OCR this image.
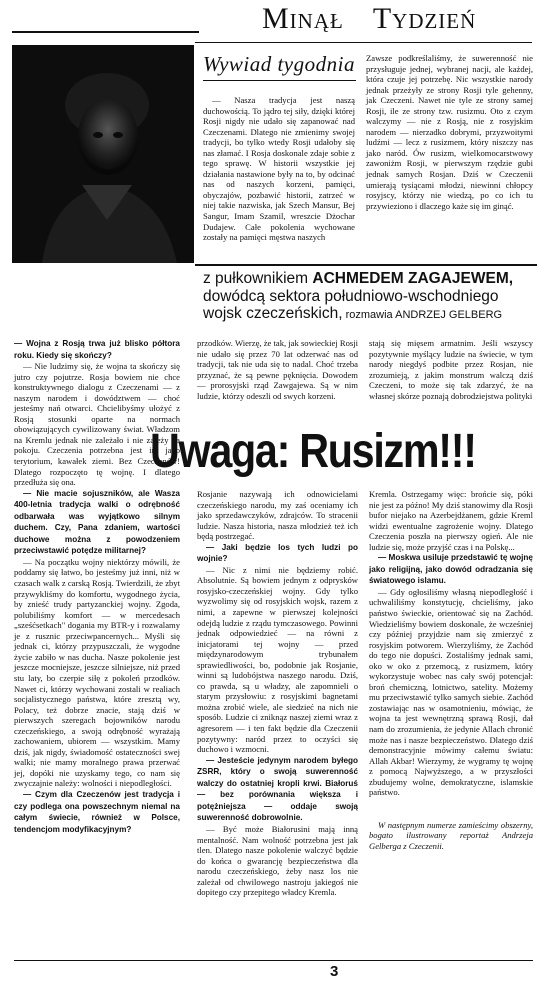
Minął Tydzień
Wywiad tygodnia

— Nasza tradycja jest naszą duchowością. To jądro tej siły, dzięki której Rosji nigdy nie udało się zapanować nad Czeczenami. Dlatego nie zmienimy swojej tradycji, bo tylko wtedy Rosji udałoby się nas złamać. I Rosja doskonale zdaje sobie z tego sprawę. W historii wszystkie jej działania nastawione były na to, by odcinać nas od naszych korzeni, pamięci, obyczajów, pozbawić historii, zatrzeć w niej takie nazwiska, jak Szech Mansur, Bej Sangur, Imam Szamil, wreszcie Dżochar Dudajew. Całe pokolenia wychowane zostały na pamięci męstwa naszych

Zawsze podkreślaliśmy, że suwerenność nie przysługuje jednej, wybranej nacji, ale każdej, która czuje jej potrzebę. Nic wszystkie narody jednak przeżyły ze strony Rosji tyle gehenny, jak Czeczeni. Nawet nie tyle ze strony samej Rosji, ile ze strony tzw. rusizmu. Oto z czym walczymy — nie z Rosją, nie z rosyjskim narodem — nierzadko dobrymi, przyzwoitymi ludźmi — lecz z rusizmem, który niszczy nas jako naród. Ów rusizm, wielkomocarstwowy zawoniżm Rosji, w pierwszym rzędzie gubi jednak samych Rosjan. Dziś w Czeczenii umierają tysiącami młodzi, niewinni chłopcy rosyjscy, którzy nie wiedzą, po co ich tu przywieziono i dlaczego każe się im ginąć.

z pułkownikiem ACHMEDEM ZAGAJEWEM,
dowódcą sektora południowo-wschodniego
wojsk czeczeńskich, rozmawia ANDRZEJ GELBERG

— Wojna z Rosją trwa już blisko półtora roku. Kiedy się skończy?

— Nie ludzimy się, że wojna ta skończy się jutro czy pojutrze. Rosja bowiem nie chce konstruktywnego dialogu z Czeczenami — z naszym narodem i dowództwem — choć jesteśmy nań otwarci. Chcielibyśmy ułożyć z Rosją stosunki oparte na normach obowiązujących cywilizowany świat. Władzom na Kremlu jednak nie zależało i nie zależy na pokoju. Czeczenia potrzebna jest im jako terytorium, kawałek ziemi. Bez Czeczenów! Dlatego rozpoczęto tę wojnę. I dlatego przedłuża się ona.

— Nie macie sojuszników, ale Wasza 400-letnia tradycja walki o odrębność odbarwała was wyjątkowo silnym duchem. Czy, Pana zdaniem, wartości duchowe można z powodzeniem przeciwstawić potędze militarnej?

— Na początku wojny niektórzy mówili, że poddamy się łatwo, bo jesteśmy już inni, niż w czasach walk z carską Rosją. Twierdzili, że zbyt przywykliśmy do komfortu, wygodnego życia, by znieść trudy partyzanckiej wojny. Zgoda, polubiliśmy komfort — w mercedesach „sześćsetkach" dogania my BTR-y i rozwalamy je z rusznic przeciwpancernych... Myśli się jednak ci, którzy przypuszczali, że wygodne życie zabiło w nas ducha. Nasze pokolenie jest jeszcze mocniejsze, jeszcze silniejsze, niż przed stu laty, bo czerpie siłę z pokoleń przodków. Nawet ci, którzy wychowani zostali w realiach socjalistycznego państwa, które zresztą wy, Polacy, też dobrze znacie, stają dziś w pierwszych szeregach bojowników narodu czeczeńskiego, a swoją odrębność wyrażają zachowaniem, ubiorem — wszystkim. Mamy dziś, jak nigdy, świadomość ostateczności swej walki; nie mamy moralnego prawa przerwać jej, dopóki nie uzyskamy tego, co nam się zwyczajnie należy: wolności i niepodległości.

— Czym dla Czeczenów jest tradycja i czy podlega ona powszechnym niemal na całym świecie, również w Polsce, tendencjom modyfikacyjnym?

przodków. Wierzę, że tak, jak sowieckiej Rosji nie udało się przez 70 lat odzerwać nas od tradycji, tak nie uda się to nadal. Choć trzeba przyznać, że są pewne pęknięcia. Dowodem — prorosyjski rząd Zawgajewa. Są w nim ludzie, którzy odeszli od swych korzeni.

stają się mięsem armatnim. Jeśli wszyscy pozytywnie myślący ludzie na świecie, w tym narody niegdyś podbite przez Rosjan, nie zrozumieją, z jakim monstrum walczą dziś Czeczeni, to może się tak zdarzyć, że na własnej skórze poznają dobrodziejstwa polityki

Uwaga: Rusizm!!!

Rosjanie nazywają ich odnowicielami czeczeńskiego narodu, my zaś oceniamy ich jako sprzedawczyków, zdrajców. To stracenii ludzie. Nasza historia, nasza młodzież też ich będą postrzegać.

— Jaki będzie los tych ludzi po wojnie?

— Nic z nimi nie będziemy robić. Absolutnie. Są bowiem jednym z odprysków rosyjsko-czeczeńskiej wojny. Gdy tylko wyzwolimy się od rosyjskich wojsk, razem z nimi, a zapewne w pierwszej kolejności odejdą ludzie z rządu tymczasowego. Powinni jednak odpowiedzieć — na równi z inicjatorami tej wojny — przed międzynarodowym trybunałem sprawiedliwości, bo, podobnie jak Rosjanie, winni są ludobójstwa naszego narodu. Dziś, co prawda, są u władzy, ale zapomnieli o starym przysłowiu: z rosyjskimi bagnetami można zrobić wiele, ale siedzieć na nich nie sposób. Ludzie ci zniknąz naszej ziemi wraz z agresorem — i ten fakt będzie dla Czeczenii pozytywny: naród przez to oczyści się duchowo i wzmocni.

— Jesteście jedynym narodem byłego ZSRR, który o swoją suwerenność walczy do ostatniej kropli krwi. Białoruś — bez porównania większa i potężniejsza — oddaje swoją suwerenność dobrowolnie.

— Być może Białorusini mają inną mentalność. Nam wolność potrzebna jest jak tlen. Dlatego nasze pokolenie walczyć będzie do końca o gwarancję bezpieczeństwa dla narodu czeczeńskiego, żeby nasz los nie zależał od chwilowego nastroju jakiegoś nie dopitego czy przepitego władcy Kremla.

Kremla. Ostrzegamy więc: brońcie się, póki nie jest za późno! My dziś stanowimy dla Rosji bufor niejako na Azerbejdżanem, gdzie Kreml widzi ewentualne zagrożenie wojny. Dlatego Czeczenia poszła na pierwszy ogień. Ale nie ludzie się, może przyjść czas i na Polskę...

— Moskwa usiluje przedstawić tę wojnę jako religijną, jako dowód odradzania się światowego islamu.

— Gdy ogłosiliśmy własną niepodległość i uchwaliliśmy konstytucję, chcieliśmy, jako państwo świeckie, orientować się na Zachód. Wiedzieliśmy bowiem doskonale, że wcześniej czy później przyjdzie nam się zmierzyć z rosyjskim potworem. Wierzyliśmy, że Zachód do tego nie dopuści. Zostaliśmy jednak sami, oko w oko z przemocą, z rusizmem, który wykorzystuje wobec nas cały swój potencjał: broń chemiczną, lotnictwo, satelity. Możemy mu przeciwstawić tylko samych siebie. Zachód zostawiając nas w osamotnieniu, mówiąc, że wojna ta jest wewnętrzną sprawą Rosji, dał nam do zrozumienia, że jedynie Allach chronić może nas i nasze bezpieczeństwo. Dlatego dziś demonstracyjnie mówimy całemu światu: Allah Akbar! Wierzymy, że wygramy tę wojnę z pomocą Najwyższego, a w przyszłości zbudujemy wolne, demokratyczne, islamskie państwo.

W następnym numerze zamieścimy obszerny, bogato ilustrowany reportaż Andrzeja Gelberga z Czeczenii.

3
